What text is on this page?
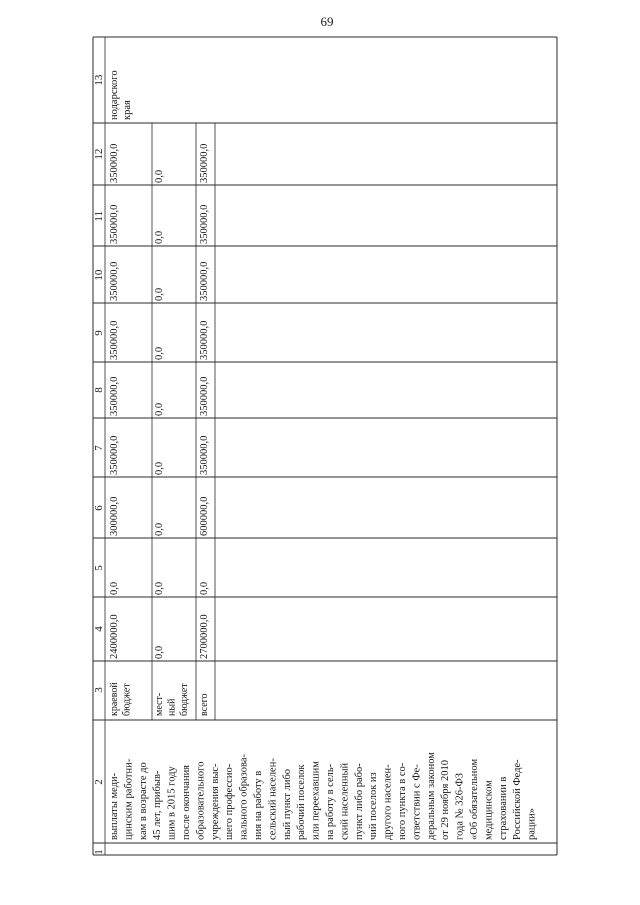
69
1
2
3
4
5
6
7
8
9
10
11
12
13
выплаты меди- цинским работни- кам в возрасте до 45 лет, прибыв- шим в 2015 году после окончания образовательного учреждения выс- шего профессио- нального образова- ния на работу в сельский населен- ный пункт либо рабочий поселок или переехавшим на работу в сель- ский населенный пункт либо рабо- чий поселок из другого населен- ного пункта в со- ответствии с Фе- деральным законом от 29 ноября 2010 года № 326-ФЗ «Об обязательном медицинском страховании в Российской Феде- рации»
нодарского края
краевой бюджет
2400000,0
0,0
300000,0
350000,0
350000,0
350000,0
350000,0
350000,0
350000,0
мест- ный бюджет
0,0
0,0
0,0
0,0
0,0
0,0
0,0
0,0
0,0
всего
2700000,0
0,0
600000,0
350000,0
350000,0
350000,0
350000,0
350000,0
350000,0
